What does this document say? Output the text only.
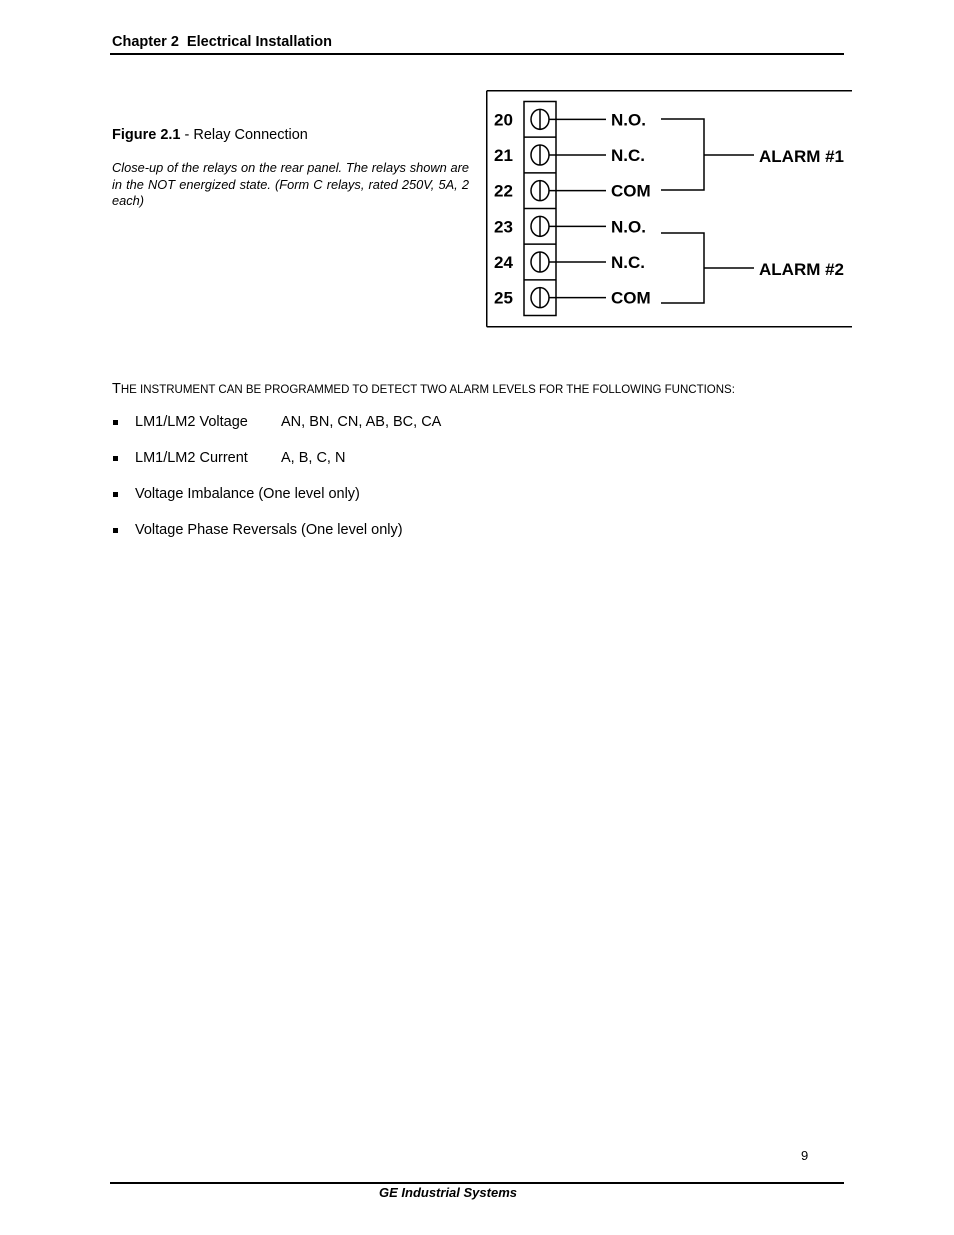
Chapter 2  Electrical Installation
Figure 2.1 - Relay Connection
Close-up of the relays on the rear panel. The relays shown are in the NOT energized state. (Form C relays, rated 250V, 5A, 2 each)
20	N.O.
21	N.C.
22	COM
23	N.O.
24	N.C.
25	COM
ALARM #1
ALARM #2
THE INSTRUMENT CAN BE PROGRAMMED TO DETECT TWO ALARM LEVELS FOR THE FOLLOWING FUNCTIONS:
LM1/LM2 Voltage AN, BN, CN, AB, BC, CA
LM1/LM2 Current A, B, C, N
Voltage Imbalance (One level only)
Voltage Phase Reversals (One level only)
9
GE Industrial Systems
